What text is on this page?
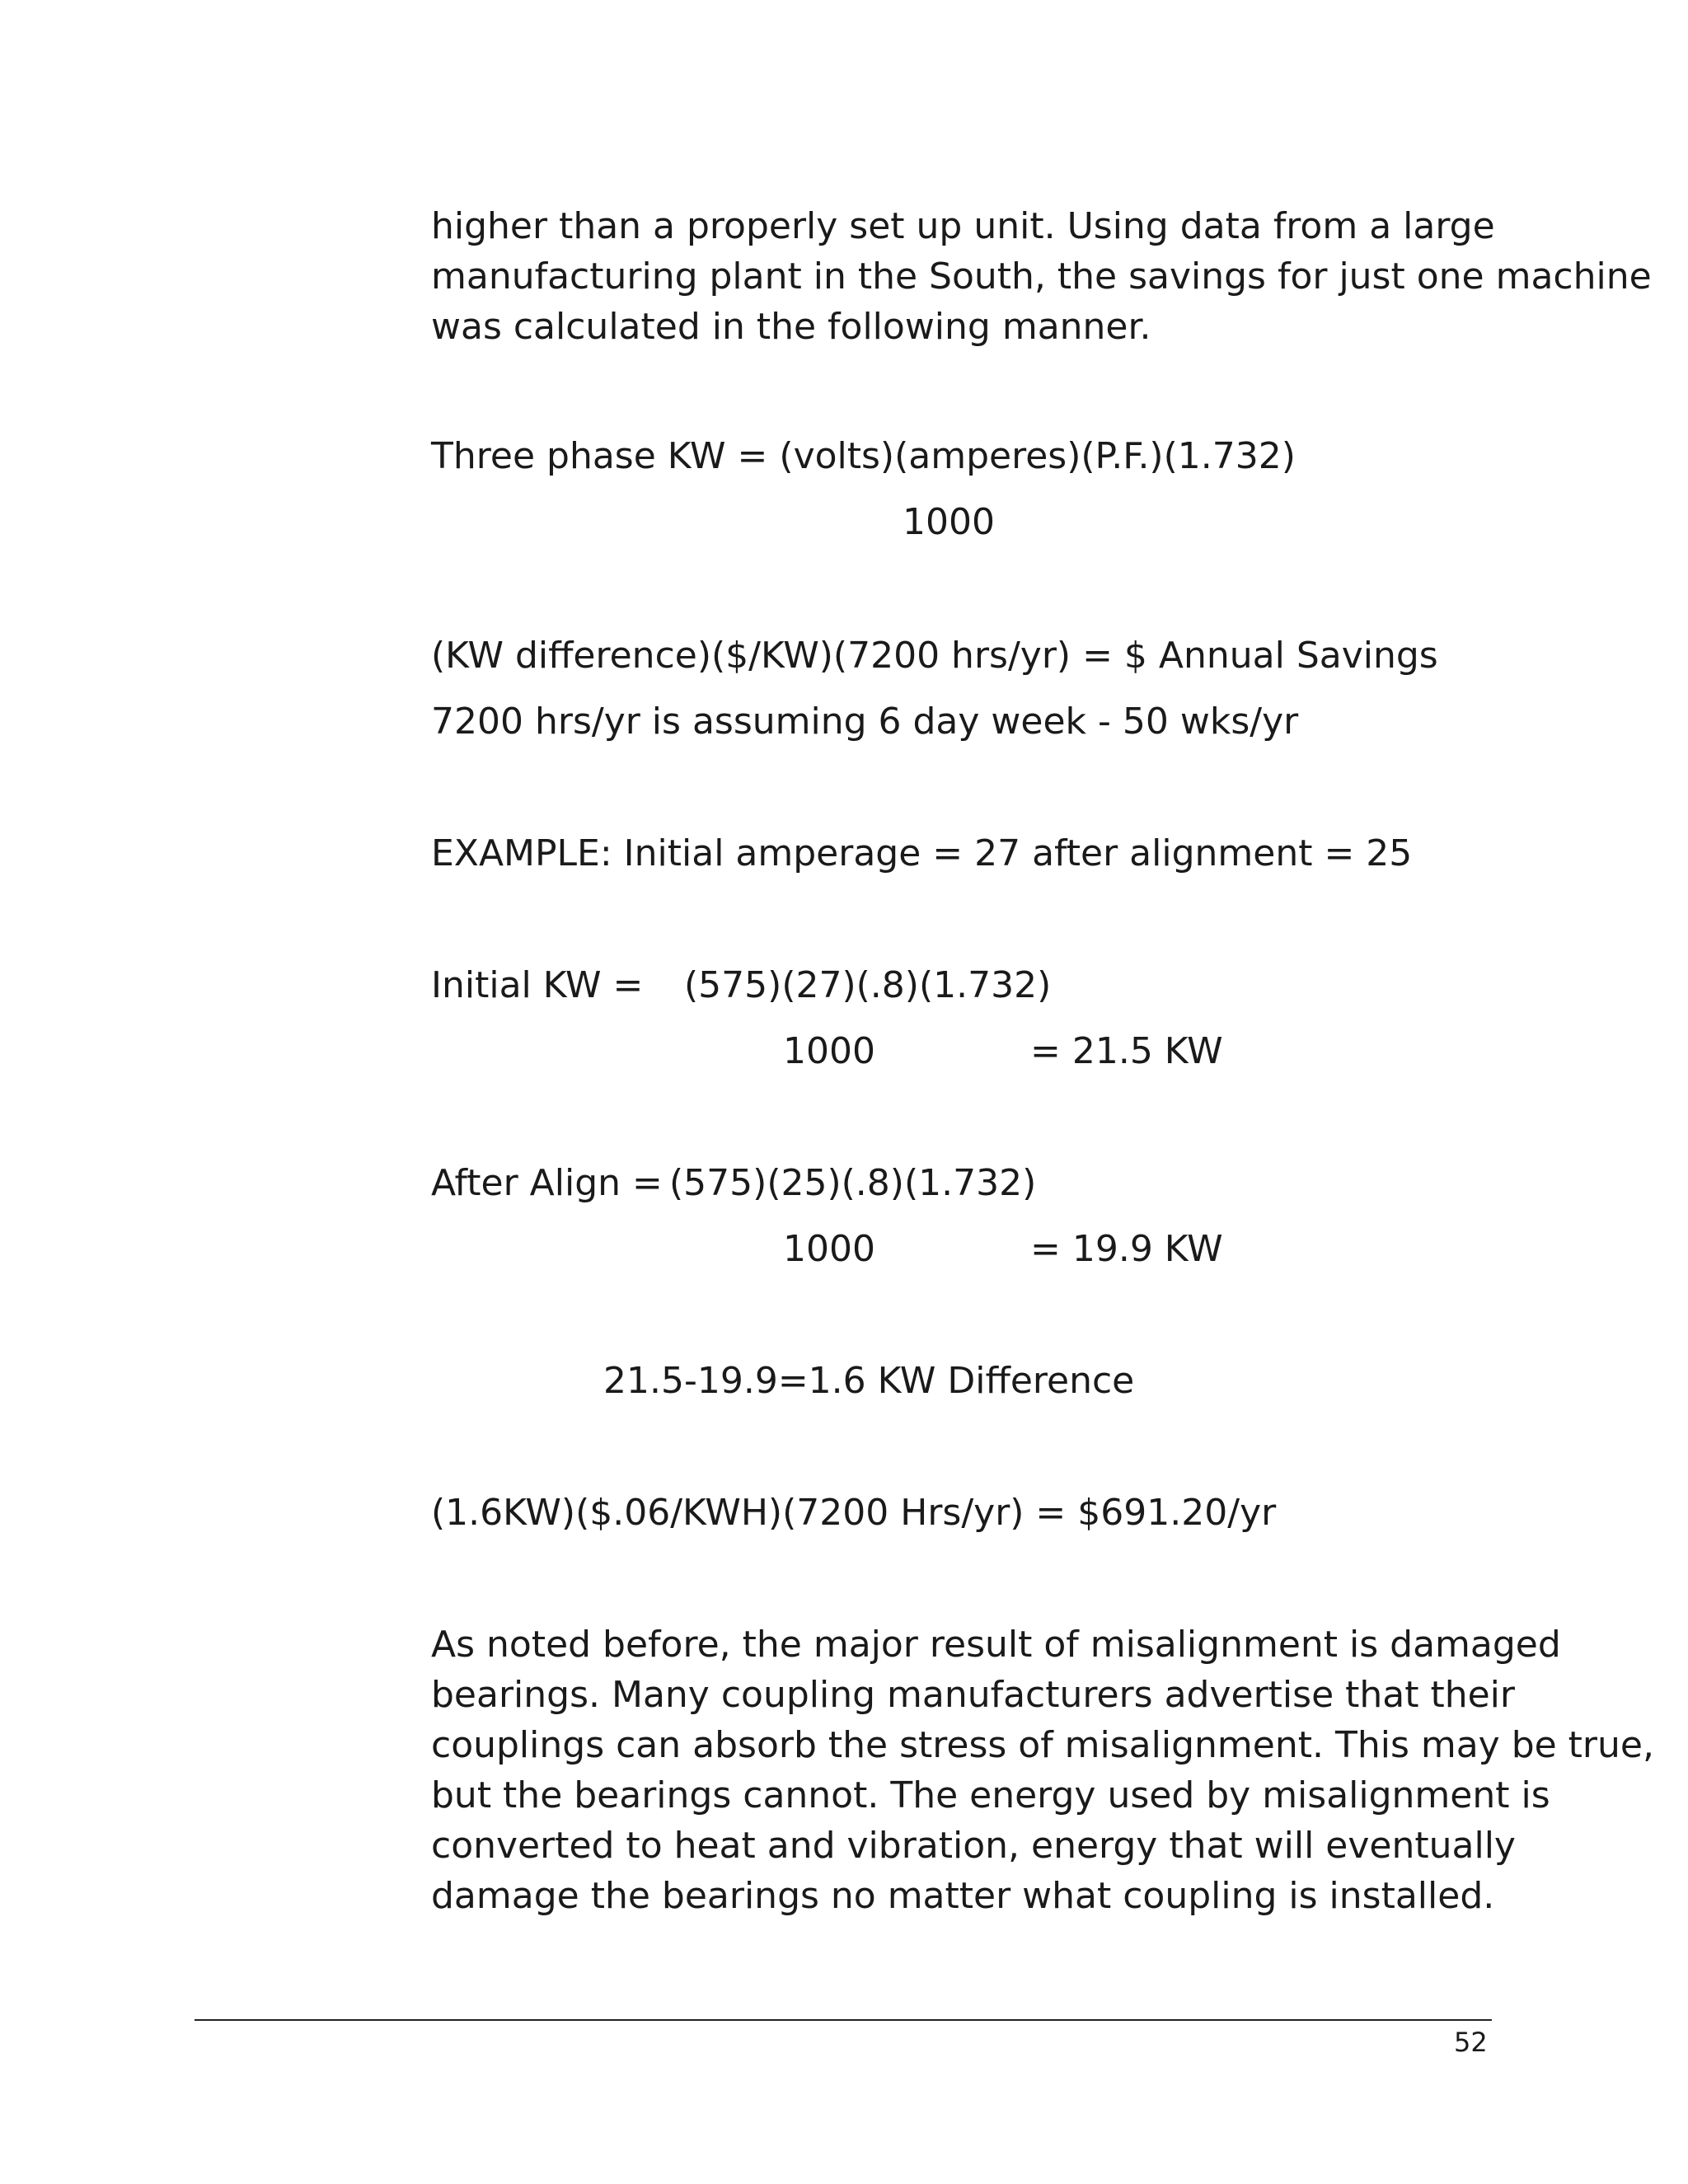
higher than a properly set up unit. Using data from a large
manufacturing plant in the South, the savings for just one machine
was calculated in the following manner.

Three phase KW = (volts)(amperes)(P.F.)(1.732)

1000

(KW difference)($/KW)(7200 hrs/yr) = $ Annual Savings

7200 hrs/yr is assuming 6 day week - 50 wks/yr

EXAMPLE: Initial amperage = 27 after alignment = 25

Initial KW = (575)(27)(.8)(1.732)

1000	= 21.5 KW

After Align = (575)(25)(.8)(1.732)

1000	= 19.9 KW

21.5-19.9=1.6 KW Difference

(1.6KW)($.06/KWH)(7200 Hrs/yr) = $691.20/yr

As noted before, the major result of misalignment is damaged
bearings. Many coupling manufacturers advertise that their
couplings can absorb the stress of misalignment. This may be true,
but the bearings cannot. The energy used by misalignment is
converted to heat and vibration, energy that will eventually
damage the bearings no matter what coupling is installed.
52
